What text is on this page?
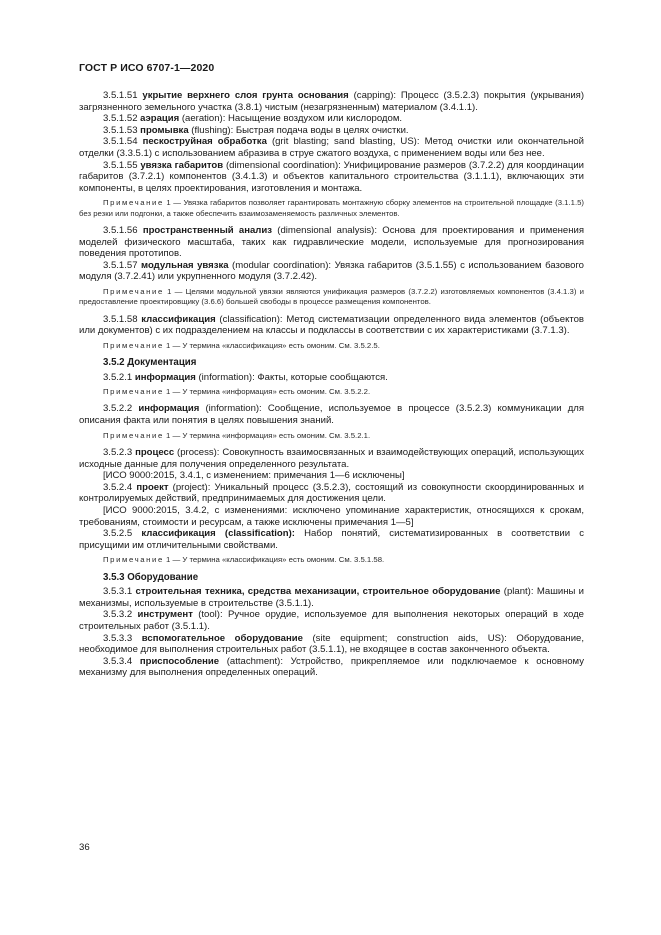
ГОСТ Р ИСО 6707-1—2020

3.5.1.51 укрытие верхнего слоя грунта основания (capping): Процесс (3.5.2.3) покрытия (укрывания) загрязненного земельного участка (3.8.1) чистым (незагрязненным) материалом (3.4.1.1).

3.5.1.52 аэрация (aeration): Насыщение воздухом или кислородом.

3.5.1.53 промывка (flushing): Быстрая подача воды в целях очистки.

3.5.1.54 пескоструйная обработка (grit blasting; sand blasting, US): Метод очистки или окончательной отделки (3.3.5.1) с использованием абразива в струе сжатого воздуха, с применением воды или без нее.

3.5.1.55 увязка габаритов (dimensional coordination): Унифицирование размеров (3.7.2.2) для координации габаритов (3.7.2.1) компонентов (3.4.1.3) и объектов капитального строительства (3.1.1.1), включающих эти компоненты, в целях проектирования, изготовления и монтажа.

Примечание 1 — Увязка габаритов позволяет гарантировать монтажную сборку элементов на строительной площадке (3.1.1.5) без резки или подгонки, а также обеспечить взаимозаменяемость различных элементов.

3.5.1.56 пространственный анализ (dimensional analysis): Основа для проектирования и применения моделей физического масштаба, таких как гидравлические модели, используемые для прогнозирования поведения прототипов.

3.5.1.57 модульная увязка (modular coordination): Увязка габаритов (3.5.1.55) с использованием базового модуля (3.7.2.41) или укрупненного модуля (3.7.2.42).

Примечание 1 — Целями модульной увязки являются унификация размеров (3.7.2.2) изготовляемых компонентов (3.4.1.3) и предоставление проектировщику (3.6.6) большей свободы в процессе размещения компонентов.

3.5.1.58 классификация (classification): Метод систематизации определенного вида элементов (объектов или документов) с их подразделением на классы и подклассы в соответствии с их характеристиками (3.7.1.3).

Примечание 1 — У термина «классификация» есть омоним. См. 3.5.2.5.

3.5.2 Документация

3.5.2.1 информация (information): Факты, которые сообщаются.

Примечание 1 — У термина «информация» есть омоним. См. 3.5.2.2.

3.5.2.2 информация (information): Сообщение, используемое в процессе (3.5.2.3) коммуникации для описания факта или понятия в целях повышения знаний.

Примечание 1 — У термина «информация» есть омоним. См. 3.5.2.1.

3.5.2.3 процесс (process): Совокупность взаимосвязанных и взаимодействующих операций, использующих исходные данные для получения определенного результата.

[ИСО 9000:2015, 3.4.1, с изменением: примечания 1—6 исключены]

3.5.2.4 проект (project): Уникальный процесс (3.5.2.3), состоящий из совокупности скоординированных и контролируемых действий, предпринимаемых для достижения цели.

[ИСО 9000:2015, 3.4.2, с изменениями: исключено упоминание характеристик, относящихся к срокам, требованиям, стоимости и ресурсам, а также исключены примечания 1—5]

3.5.2.5 классификация (classification): Набор понятий, систематизированных в соответствии с присущими им отличительными свойствами.

Примечание 1 — У термина «классификация» есть омоним. См. 3.5.1.58.

3.5.3 Оборудование

3.5.3.1 строительная техника, средства механизации, строительное оборудование (plant): Машины и механизмы, используемые в строительстве (3.5.1.1).

3.5.3.2 инструмент (tool): Ручное орудие, используемое для выполнения некоторых операций в ходе строительных работ (3.5.1.1).

3.5.3.3 вспомогательное оборудование (site equipment; construction aids, US): Оборудование, необходимое для выполнения строительных работ (3.5.1.1), не входящее в состав законченного объекта.

3.5.3.4 приспособление (attachment): Устройство, прикрепляемое или подключаемое к основному механизму для выполнения определенных операций.

36
